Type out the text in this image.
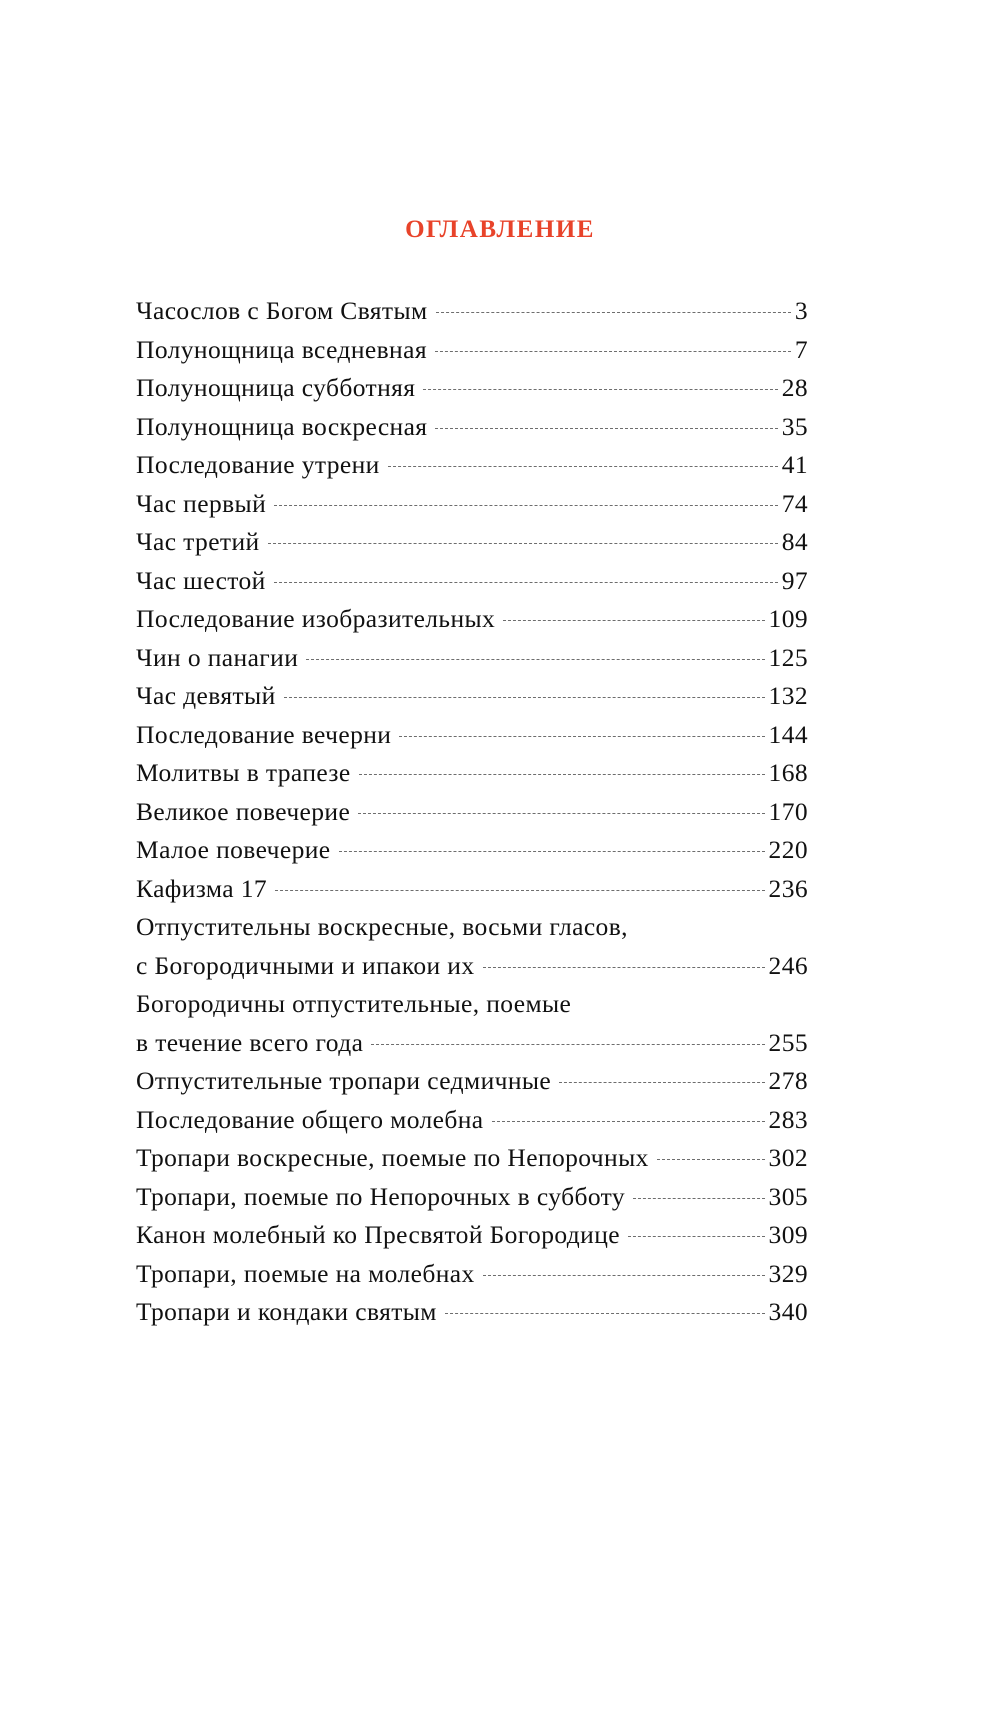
ОГЛАВЛЕНИЕ
Часослов с Богом Святым	3
Полунощница вседневная	7
Полунощница субботняя	28
Полунощница воскресная	35
Последование утрени	41
Час первый	74
Час третий	84
Час шестой	97
Последование изобразительных	109
Чин о панагии	125
Час девятый	132
Последование вечерни	144
Молитвы в трапезе	168
Великое повечерие	170
Малое повечерие	220
Кафизма 17	236
Отпустительны воскресные, восьми гласов,
с Богородичными и ипакои их	246
Богородичны отпустительные, поемые
в течение всего года	255
Отпустительные тропари седмичные	278
Последование общего молебна	283
Тропари воскресные, поемые по Непорочных	302
Тропари, поемые по Непорочных в субботу	305
Канон молебный ко Пресвятой Богородице	309
Тропари, поемые на молебнах	329
Тропари и кондаки святым	340
